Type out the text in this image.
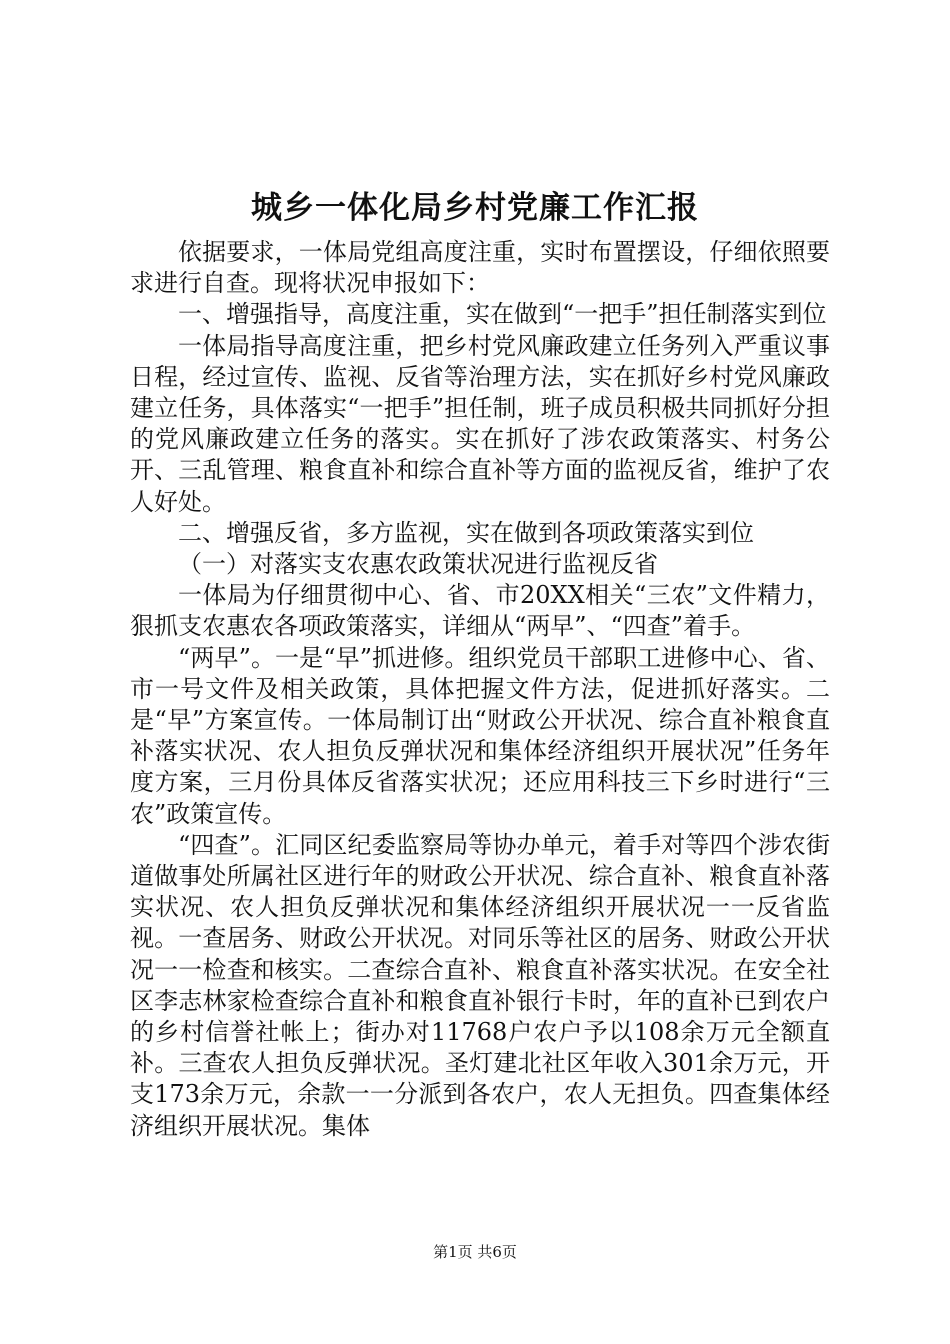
城乡一体化局乡村党廉工作汇报

依据要求，一体局党组高度注重，实时布置摆设，仔细依照要求进行自查。现将状况申报如下：

一、增强指导，高度注重，实在做到“一把手”担任制落实到位

一体局指导高度注重，把乡村党风廉政建立任务列入严重议事日程，经过宣传、监视、反省等治理方法，实在抓好乡村党风廉政建立任务，具体落实“一把手”担任制，班子成员积极共同抓好分担的党风廉政建立任务的落实。实在抓好了涉农政策落实、村务公开、三乱管理、粮食直补和综合直补等方面的监视反省，维护了农人好处。

二、增强反省，多方监视，实在做到各项政策落实到位

（一）对落实支农惠农政策状况进行监视反省

一体局为仔细贯彻中心、省、市20XX相关“三农”文件精力，狠抓支农惠农各项政策落实，详细从“两早”、“四查”着手。

“两早”。一是“早”抓进修。组织党员干部职工进修中心、省、市一号文件及相关政策，具体把握文件方法，促进抓好落实。二是“早”方案宣传。一体局制订出“财政公开状况、综合直补粮食直补落实状况、农人担负反弹状况和集体经济组织开展状况”任务年度方案，三月份具体反省落实状况；还应用科技三下乡时进行“三农”政策宣传。

“四查”。汇同区纪委监察局等协办单元，着手对等四个涉农街道做事处所属社区进行年的财政公开状况、综合直补、粮食直补落实状况、农人担负反弹状况和集体经济组织开展状况一一反省监视。一查居务、财政公开状况。对同乐等社区的居务、财政公开状况一一检查和核实。二查综合直补、粮食直补落实状况。在安全社区李志林家检查综合直补和粮食直补银行卡时，年的直补已到农户的乡村信誉社帐上；街办对11768户农户予以108余万元全额直补。三查农人担负反弹状况。圣灯建北社区年收入301余万元，开支173余万元，余款一一分派到各农户，农人无担负。四查集体经济组织开展状况。集体

第1页 共6页
